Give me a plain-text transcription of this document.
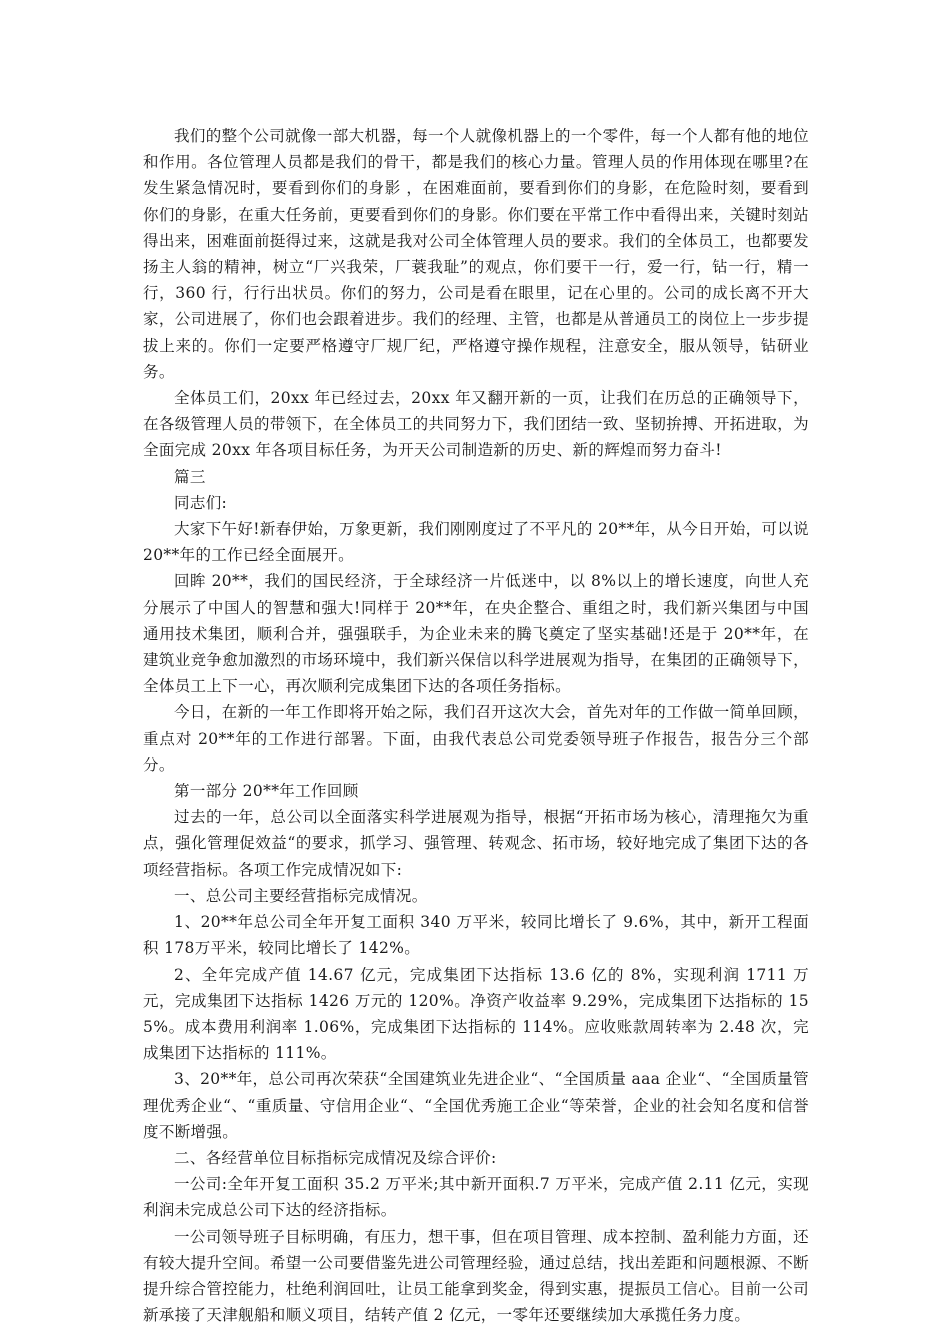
我们的整个公司就像一部大机器，每一个人就像机器上的一个零件，每一个人都有他的地位和作用。各位管理人员都是我们的骨干，都是我们的核心力量。管理人员的作用体现在哪里?在发生紧急情况时，要看到你们的身影 ，在困难面前，要看到你们的身影，在危险时刻，要看到你们的身影，在重大任务前，更要看到你们的身影。你们要在平常工作中看得出来，关键时刻站得出来，困难面前挺得过来，这就是我对公司全体管理人员的要求。我们的全体员工，也都要发扬主人翁的精神，树立“厂兴我荣，厂蓑我耻”的观点，你们要干一行，爱一行，钻一行，精一行，360 行，行行出状员。你们的努力，公司是看在眼里，记在心里的。公司的成长离不开大家，公司进展了，你们也会跟着进步。我们的经理、主管，也都是从普通员工的岗位上一步步提拔上来的。你们一定要严格遵守厂规厂纪，严格遵守操作规程，注意安全，服从领导，钻研业务。

全体员工们，20xx 年已经过去，20xx 年又翻开新的一页，让我们在历总的正确领导下，在各级管理人员的带领下，在全体员工的共同努力下，我们团结一致、坚韧拚搏、开拓进取，为全面完成 20xx 年各项目标任务，为开天公司制造新的历史、新的辉煌而努力奋斗!

篇三

同志们:

大家下午好!新春伊始，万象更新，我们刚刚度过了不平凡的 20**年，从今日开始，可以说20**年的工作已经全面展开。

回眸 20**，我们的国民经济，于全球经济一片低迷中，以 8%以上的增长速度，向世人充分展示了中国人的智慧和强大!同样于 20**年，在央企整合、重组之时，我们新兴集团与中国通用技术集团，顺利合并，强强联手，为企业未来的腾飞奠定了坚实基础!还是于 20**年，在建筑业竞争愈加激烈的市场环境中，我们新兴保信以科学进展观为指导，在集团的正确领导下，全体员工上下一心，再次顺利完成集团下达的各项任务指标。

今日，在新的一年工作即将开始之际，我们召开这次大会，首先对年的工作做一简单回顾，重点对 20**年的工作进行部署。下面，由我代表总公司党委领导班子作报告，报告分三个部分。

第一部分 20**年工作回顾

过去的一年，总公司以全面落实科学进展观为指导，根据“开拓市场为核心，清理拖欠为重点，强化管理促效益“的要求，抓学习、强管理、转观念、拓市场，较好地完成了集团下达的各项经营指标。各项工作完成情况如下:

一、总公司主要经营指标完成情况。

1、20**年总公司全年开复工面积 340 万平米，较同比增长了 9.6%，其中，新开工程面积 178万平米，较同比增长了 142%。

2、全年完成产值 14.67 亿元，完成集团下达指标 13.6 亿的 8%，实现利润 1711 万元，完成集团下达指标 1426 万元的 120%。净资产收益率 9.29%，完成集团下达指标的 155%。成本费用利润率 1.06%，完成集团下达指标的 114%。应收账款周转率为 2.48 次，完成集团下达指标的 111%。

3、20**年，总公司再次荣获“全国建筑业先进企业“、“全国质量 aaa 企业“、“全国质量管理优秀企业“、“重质量、守信用企业“、“全国优秀施工企业“等荣誉，企业的社会知名度和信誉度不断增强。

二、各经营单位目标指标完成情况及综合评价:

一公司:全年开复工面积 35.2 万平米;其中新开面积.7 万平米，完成产值 2.11 亿元，实现利润未完成总公司下达的经济指标。

一公司领导班子目标明确，有压力，想干事，但在项目管理、成本控制、盈利能力方面，还有较大提升空间。希望一公司要借鉴先进公司管理经验，通过总结，找出差距和问题根源、不断提升综合管控能力，杜绝利润回吐，让员工能拿到奖金，得到实惠，提振员工信心。目前一公司新承接了天津舰船和顺义项目，结转产值 2 亿元，一零年还要继续加大承揽任务力度。
